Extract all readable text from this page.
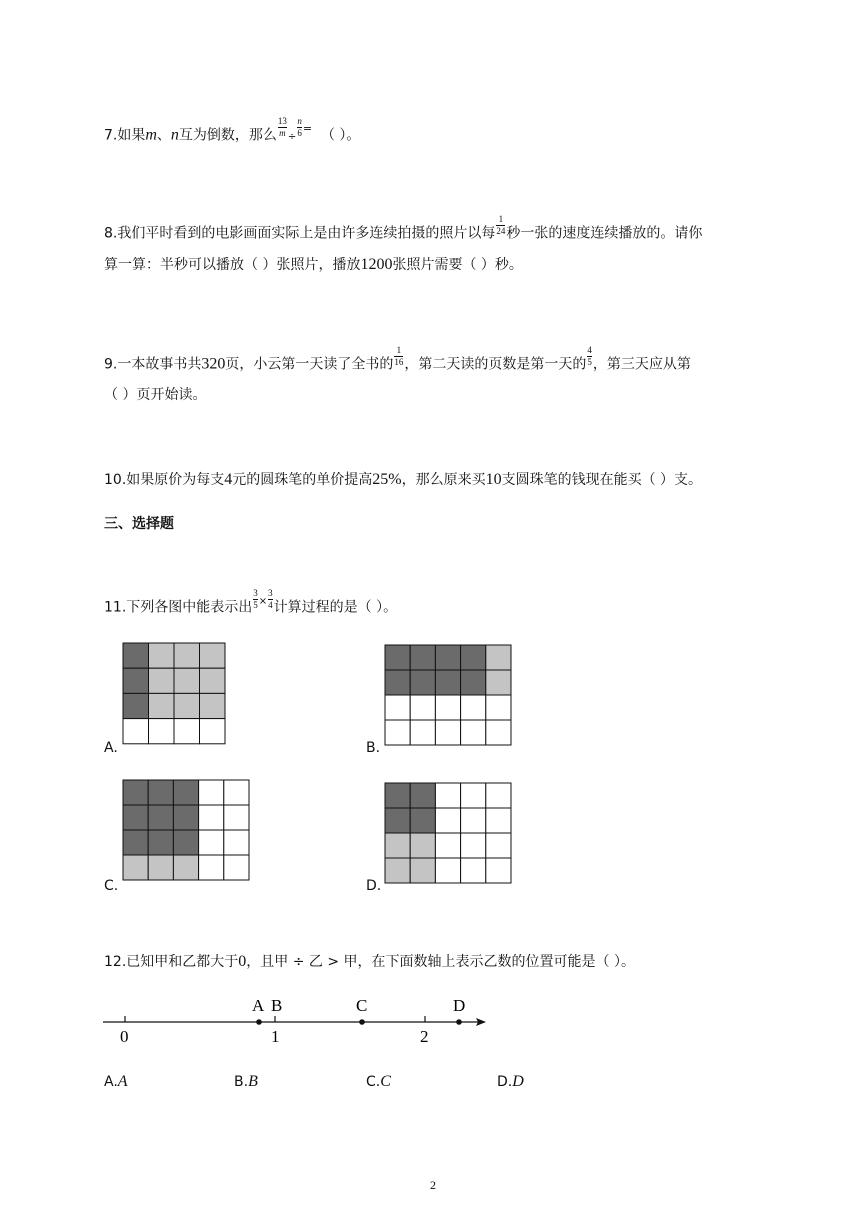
7.如果m、n互为倒数，那么 $\frac{13}{m} \div \frac{n}{6} ^=$ （ ）。
8.我们平时看到的电影画面实际上是由许多连续拍摄的照片以每 $\frac{1}{24}$ 秒一张的速度连续播放的。请你
算一算：半秒可以播放（ ）张照片，播放1200张照片需要（ ）秒。
9.一本故事书共320页，小云第一天读了全书的 $\frac{1}{16}$ ，第二天读的页数是第一天的 $\frac{4}{5}$ ，第三天应从第
（ ）页开始读。
10.如果原价为每支4元的圆珠笔的单价提高25%，那么原来买10支圆珠笔的钱现在能买（ ）支。
三、选择题
11.下列各图中能表示出 $\frac{3}{5} ^\times \frac{3}{4}$ 计算过程的是（ ）。
A.	B.
C.	D.
12.已知甲和乙都大于0，且甲 ÷ 乙 > 甲，在下面数轴上表示乙数的位置可能是（ ）。
0	1	2
A B	C	D
A.A	B.B	C.C	D.D
2
